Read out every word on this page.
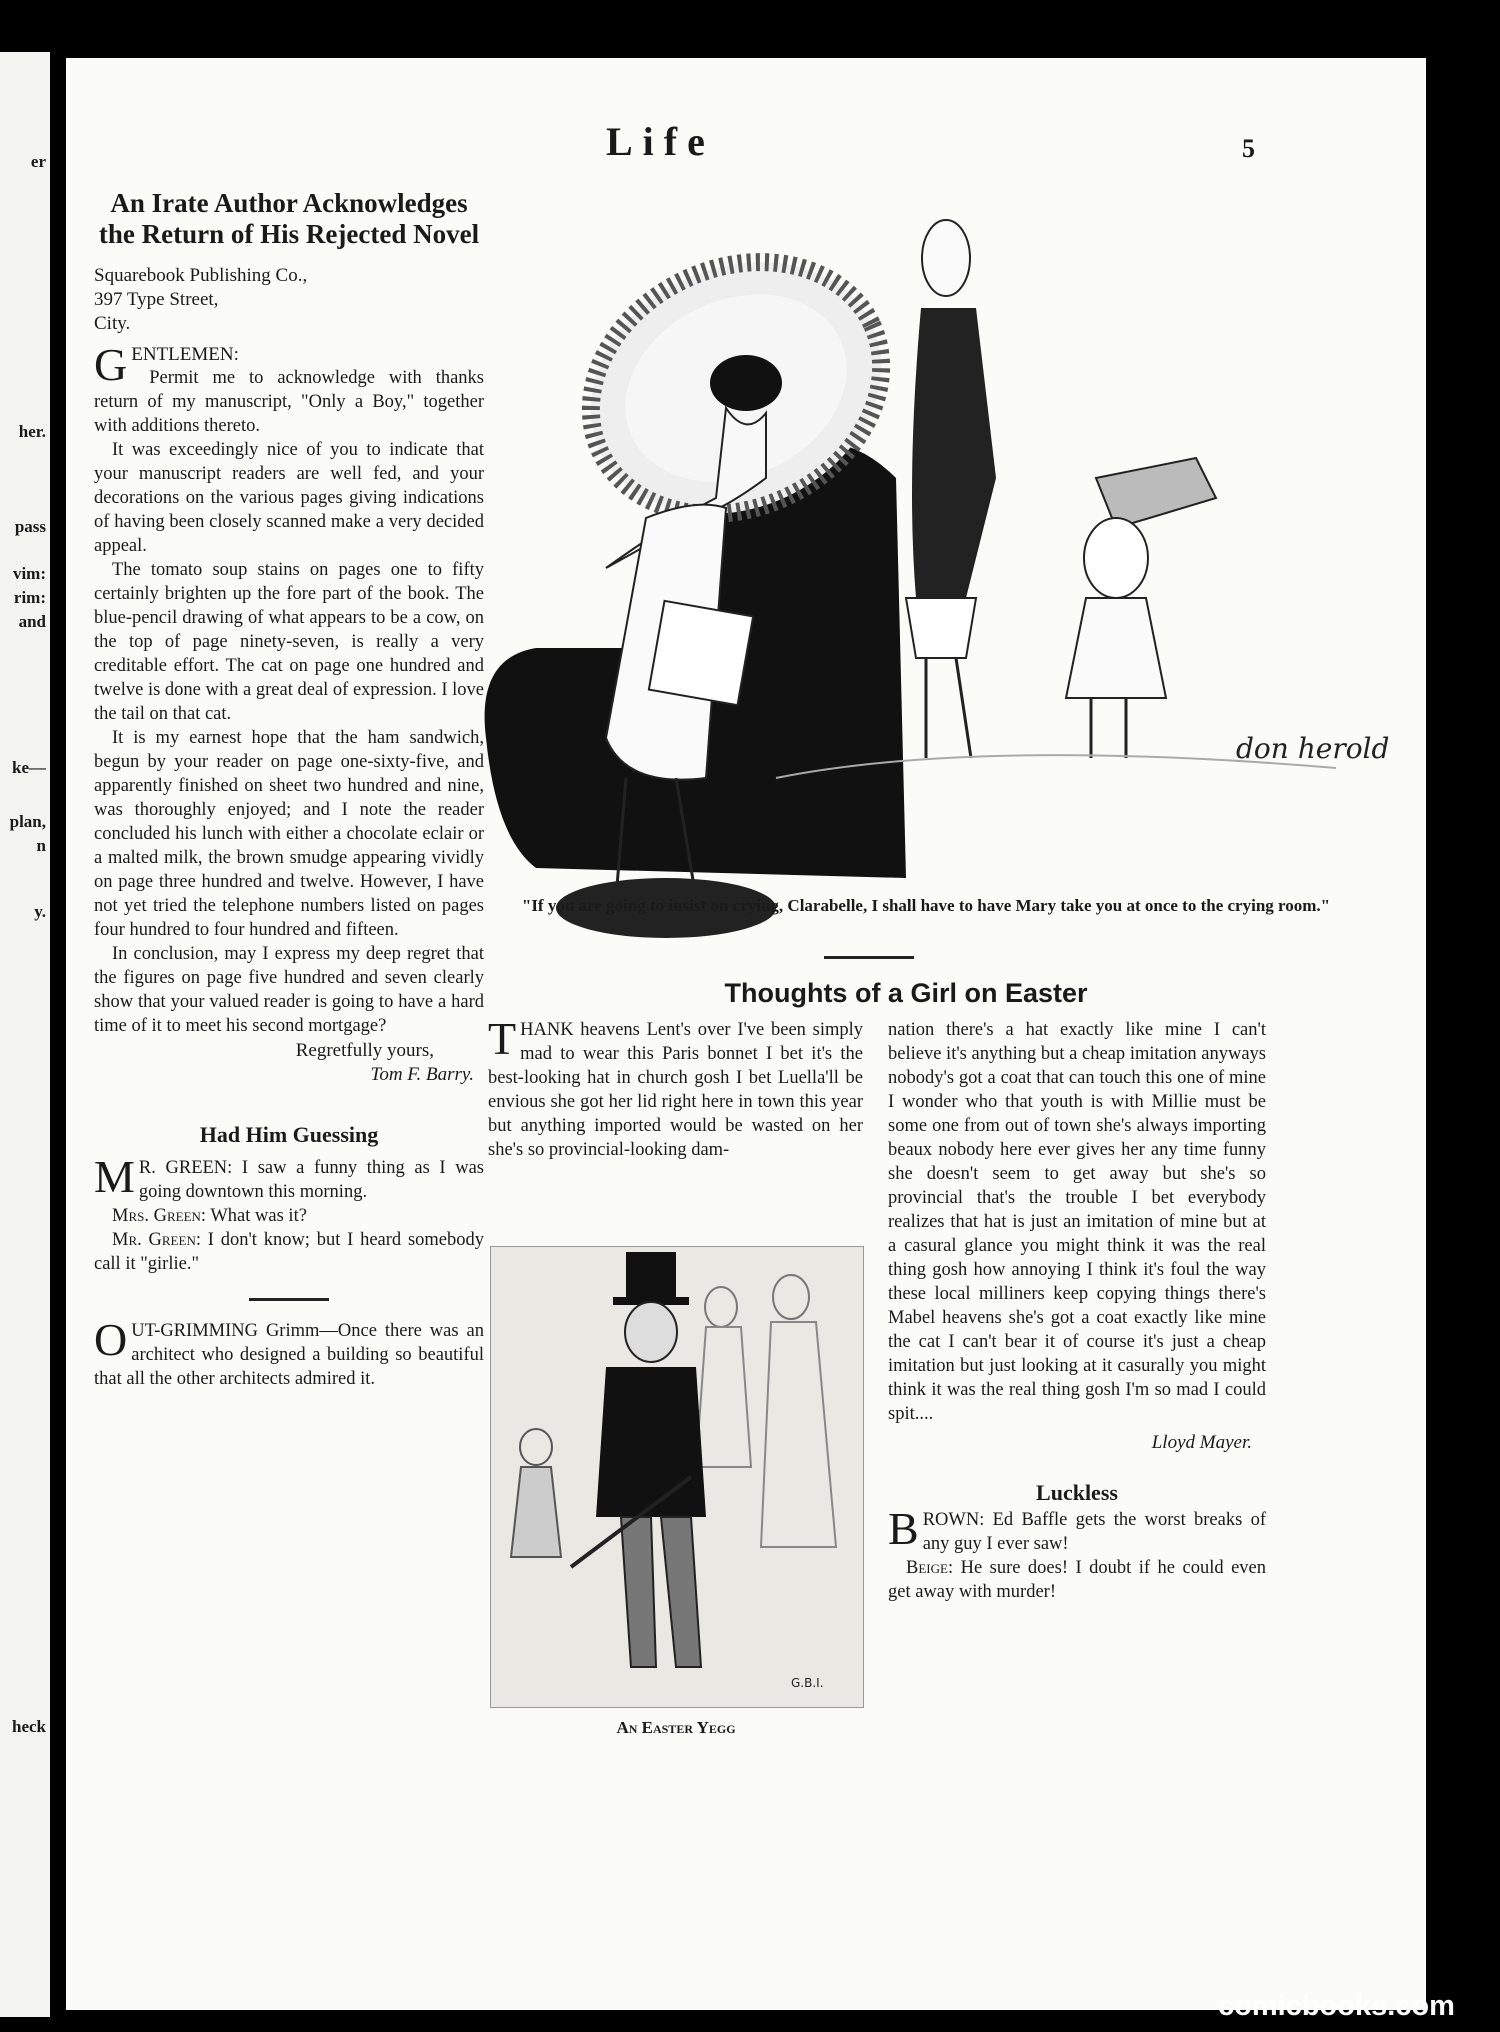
er
her.
pass
vim:
rim:
and
ke—
plan,
n
y.
heck
Life	5
An Irate Author Acknowledges the Return of His Rejected Novel
Squarebook Publishing Co.,
397 Type Street,
City.

GENTLEMEN:

Permit me to acknowledge with thanks return of my manuscript, "Only a Boy," together with additions thereto.

It was exceedingly nice of you to indicate that your manuscript readers are well fed, and your decorations on the various pages giving indications of having been closely scanned make a very decided appeal.

The tomato soup stains on pages one to fifty certainly brighten up the fore part of the book. The blue-pencil drawing of what appears to be a cow, on the top of page ninety-seven, is really a very creditable effort. The cat on page one hundred and twelve is done with a great deal of expression. I love the tail on that cat.

It is my earnest hope that the ham sandwich, begun by your reader on page one-sixty-five, and apparently finished on sheet two hundred and nine, was thoroughly enjoyed; and I note the reader concluded his lunch with either a chocolate eclair or a malted milk, the brown smudge appearing vividly on page three hundred and twelve. However, I have not yet tried the telephone numbers listed on pages four hundred to four hundred and fifteen.

In conclusion, may I express my deep regret that the figures on page five hundred and seven clearly show that your valued reader is going to have a hard time of it to meet his second mortgage?

Regretfully yours,
Tom F. Barry.
Had Him Guessing

M R. GREEN: I saw a funny thing as I was going downtown this morning.

Mrs. Green: What was it?

Mr. Green: I don't know; but I heard somebody call it "girlie."

OUT-GRIMMING Grimm—Once there was an architect who designed a building so beautiful that all the other architects admired it.

don herold
"If you are going to insist on crying, Clarabelle, I shall have to have Mary take you at once to the crying room."
Thoughts of a Girl on Easter

THANK heavens Lent's over I've been simply mad to wear this Paris bonnet I bet it's the best-looking hat in church gosh I bet Luella'll be envious she got her lid right here in town this year but anything imported would be wasted on her she's so provincial-looking dam-

G.B.I.
An Easter Yegg

nation there's a hat exactly like mine I can't believe it's anything but a cheap imitation anyways nobody's got a coat that can touch this one of mine I wonder who that youth is with Millie must be some one from out of town she's always importing beaux nobody here ever gives her any time funny she doesn't seem to get away but she's so provincial that's the trouble I bet everybody realizes that hat is just an imitation of mine but at a casural glance you might think it was the real thing gosh how annoying I think it's foul the way these local milliners keep copying things there's Mabel heavens she's got a coat exactly like mine the cat I can't bear it of course it's just a cheap imitation but just looking at it casurally you might think it was the real thing gosh I'm so mad I could spit....

Lloyd Mayer.
Luckless

BROWN: Ed Baffle gets the worst breaks of any guy I ever saw!

Beige: He sure does! I doubt if he could even get away with murder!

comicbooks.com
